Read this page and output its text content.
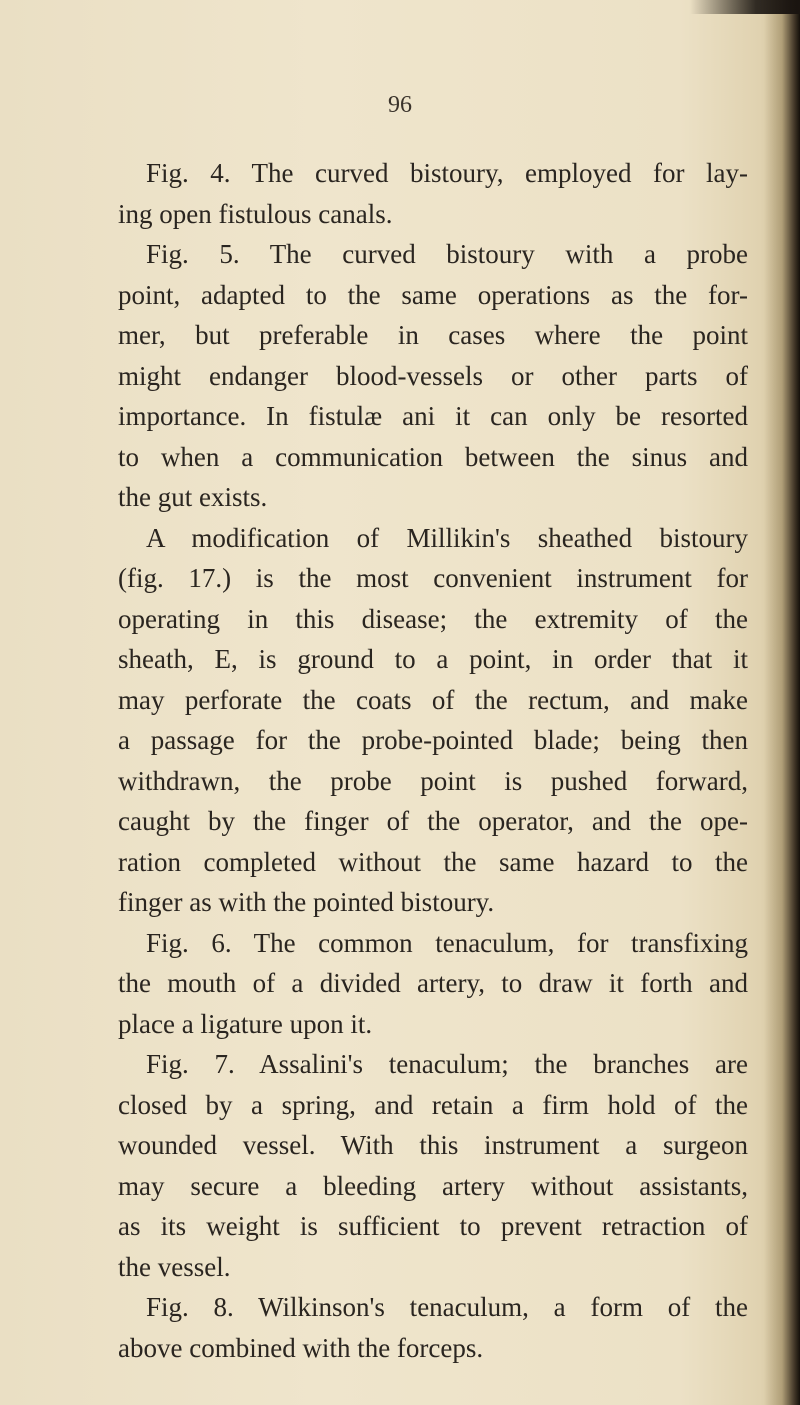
96
Fig. 4. The curved bistoury, employed for lay-
ing open fistulous canals.
Fig. 5. The curved bistoury with a probe
point, adapted to the same operations as the for-
mer, but preferable in cases where the point
might endanger blood-vessels or other parts of
importance. In fistulæ ani it can only be resorted
to when a communication between the sinus and
the gut exists.
A modification of Millikin's sheathed bistoury
(fig. 17.) is the most convenient instrument for
operating in this disease; the extremity of the
sheath, E, is ground to a point, in order that it
may perforate the coats of the rectum, and make
a passage for the probe-pointed blade; being then
withdrawn, the probe point is pushed forward,
caught by the finger of the operator, and the ope-
ration completed without the same hazard to the
finger as with the pointed bistoury.
Fig. 6. The common tenaculum, for transfixing
the mouth of a divided artery, to draw it forth and
place a ligature upon it.
Fig. 7. Assalini's tenaculum; the branches are
closed by a spring, and retain a firm hold of the
wounded vessel. With this instrument a surgeon
may secure a bleeding artery without assistants,
as its weight is sufficient to prevent retraction of
the vessel.
Fig. 8. Wilkinson's tenaculum, a form of the
above combined with the forceps.
